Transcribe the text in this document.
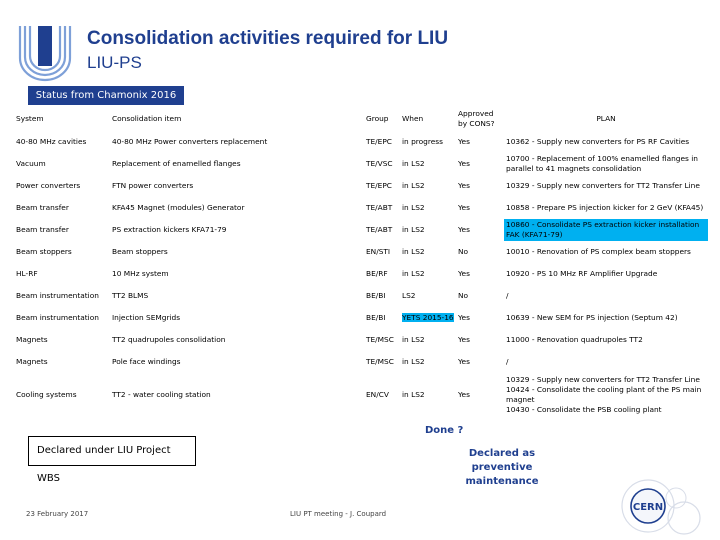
Consolidation activities required for LIU
LIU-PS
Status from Chamonix 2016
System	Consolidation item	Group	When	Approved by CONS?	PLAN
40-80 MHz cavities	40-80 MHz Power converters replacement	TE/EPC	in progress	Yes	10362 - Supply new converters for PS RF Cavities
Vacuum	Replacement of enamelled flanges	TE/VSC	in LS2	Yes	10700 - Replacement of 100% enamelled flanges in parallel to 41 magnets consolidation
Power converters	FTN power converters	TE/EPC	in LS2	Yes	10329 - Supply new converters for TT2 Transfer Line
Beam transfer	KFA45 Magnet (modules) Generator	TE/ABT	in LS2	Yes	10858 - Prepare PS injection kicker for 2 GeV (KFA45)
Beam transfer	PS extraction kickers KFA71-79	TE/ABT	in LS2	Yes	10860 - Consolidate PS extraction kicker installation FAK (KFA71-79)
Beam stoppers	Beam stoppers	EN/STI	in LS2	No	10010 - Renovation of PS complex beam stoppers
HL-RF	10 MHz system	BE/RF	in LS2	Yes	10920 - PS 10 MHz RF Amplifier Upgrade
Beam instrumentation	TT2 BLMS	BE/BI	LS2	No	/
Beam instrumentation	Injection SEMgrids	BE/BI	YETS 2015-16	Yes	10639 - New SEM for PS injection (Septum 42)
Magnets	TT2 quadrupoles consolidation	TE/MSC	in LS2	Yes	11000 - Renovation quadrupoles TT2
Magnets	Pole face windings	TE/MSC	in LS2	Yes	/
Cooling systems	TT2 - water cooling station	EN/CV	in LS2	Yes	10329 - Supply new converters for TT2 Transfer Line
10424 - Consolidate the cooling plant of the PS main magnet
10430 - Consolidate the PSB cooling plant
Done ?
Declared under LIU Project WBS
Declared as
preventive
maintenance
23 February 2017	LIU PT meeting - J. Coupard
CERN
